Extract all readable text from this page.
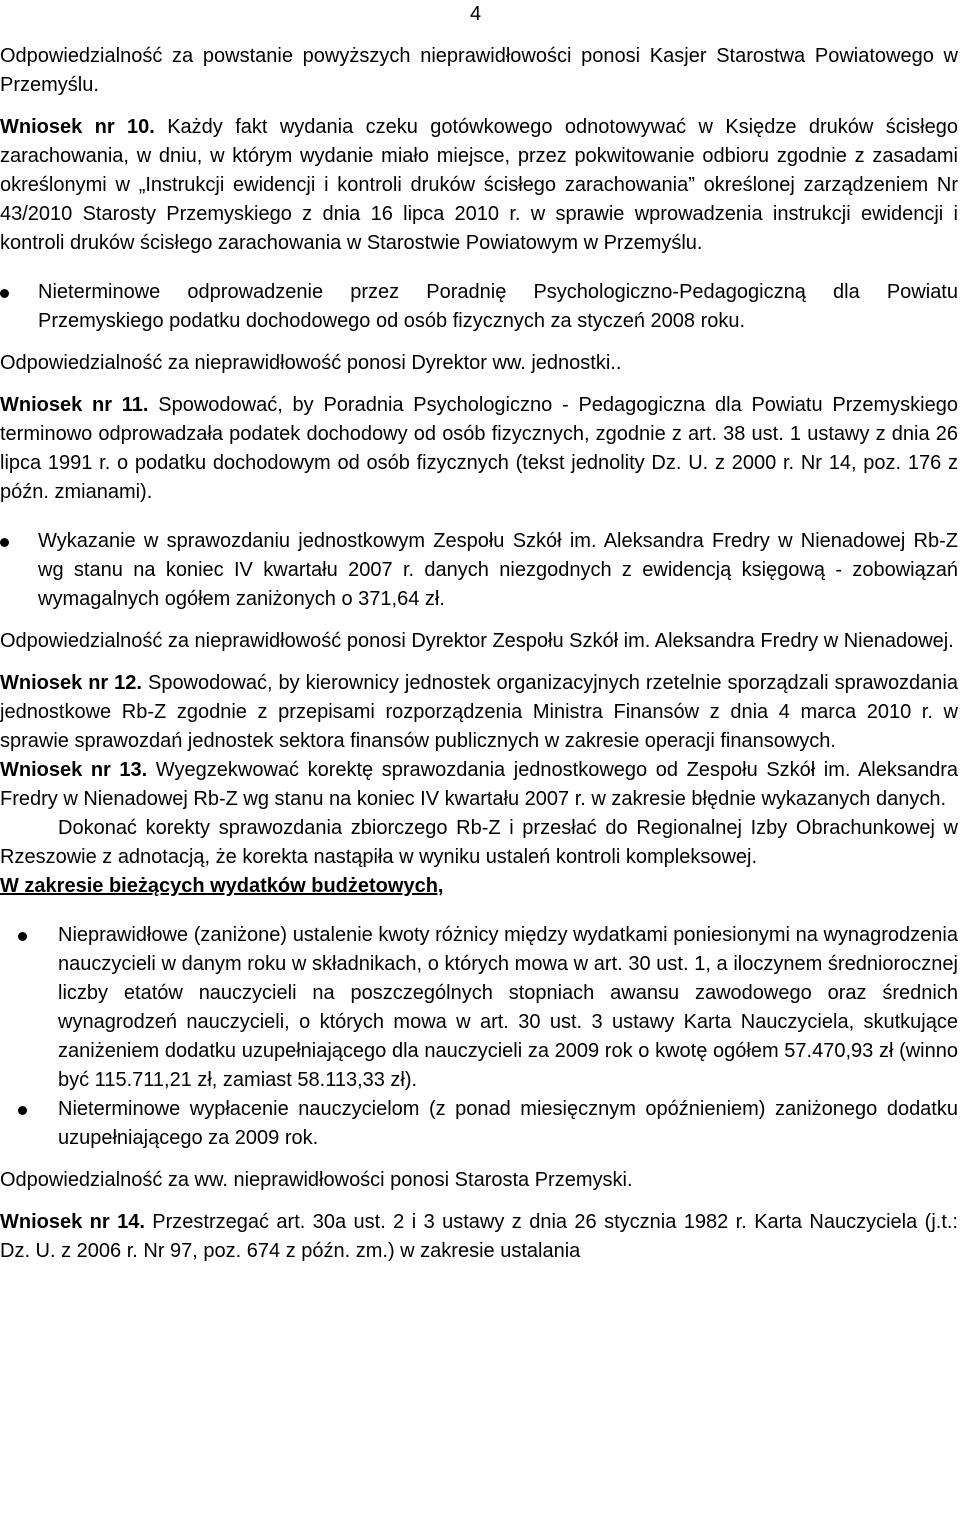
4

Odpowiedzialność za powstanie powyższych nieprawidłowości ponosi Kasjer Starostwa Powiatowego w Przemyślu.

Wniosek nr 10. Każdy fakt wydania czeku gotówkowego odnotowywać w Księdze druków ścisłego zarachowania, w dniu, w którym wydanie miało miejsce, przez pokwitowanie odbioru zgodnie z zasadami określonymi w „Instrukcji ewidencji i kontroli druków ścisłego zarachowania” określonej zarządzeniem Nr 43/2010 Starosty Przemyskiego z dnia 16 lipca 2010 r. w sprawie wprowadzenia instrukcji ewidencji i kontroli druków ścisłego zarachowania w Starostwie Powiatowym w Przemyślu.

Nieterminowe odprowadzenie przez Poradnię Psychologiczno-Pedagogiczną dla Powiatu Przemyskiego podatku dochodowego od osób fizycznych za styczeń 2008 roku.

Odpowiedzialność za nieprawidłowość ponosi Dyrektor ww. jednostki..

Wniosek nr 11. Spowodować, by Poradnia Psychologiczno - Pedagogiczna dla Powiatu Przemyskiego terminowo odprowadzała podatek dochodowy od osób fizycznych, zgodnie z art. 38 ust. 1 ustawy z dnia 26 lipca 1991 r. o podatku dochodowym od osób fizycznych (tekst jednolity Dz. U. z 2000 r. Nr 14, poz. 176 z późn. zmianami).

Wykazanie w sprawozdaniu jednostkowym Zespołu Szkół im. Aleksandra Fredry w Nienadowej Rb-Z wg stanu na koniec IV kwartału 2007 r. danych niezgodnych z ewidencją księgową - zobowiązań wymagalnych ogółem zaniżonych o 371,64 zł.

Odpowiedzialność za nieprawidłowość ponosi Dyrektor Zespołu Szkół im. Aleksandra Fredry w Nienadowej.

Wniosek nr 12. Spowodować, by kierownicy jednostek organizacyjnych rzetelnie sporządzali sprawozdania jednostkowe Rb-Z zgodnie z przepisami rozporządzenia Ministra Finansów z dnia 4 marca 2010 r. w sprawie sprawozdań jednostek sektora finansów publicznych w zakresie operacji finansowych.

Wniosek nr 13. Wyegzekwować korektę sprawozdania jednostkowego od Zespołu Szkół im. Aleksandra Fredry w Nienadowej Rb-Z wg stanu na koniec IV kwartału 2007 r. w zakresie błędnie wykazanych danych.

Dokonać korekty sprawozdania zbiorczego Rb-Z i przesłać do Regionalnej Izby Obrachunkowej w Rzeszowie z adnotacją, że korekta nastąpiła w wyniku ustaleń kontroli kompleksowej.

W zakresie bieżących wydatków budżetowych,

Nieprawidłowe (zaniżone) ustalenie kwoty różnicy między wydatkami poniesionymi na wynagrodzenia nauczycieli w danym roku w składnikach, o których mowa w art. 30 ust. 1, a iloczynem średniorocznej liczby etatów nauczycieli na poszczególnych stopniach awansu zawodowego oraz średnich wynagrodzeń nauczycieli, o których mowa w art. 30 ust. 3 ustawy Karta Nauczyciela, skutkujące zaniżeniem dodatku uzupełniającego dla nauczycieli za 2009 rok o kwotę ogółem 57.470,93 zł (winno być 115.711,21 zł, zamiast 58.113,33 zł).
Nieterminowe wypłacenie nauczycielom (z ponad miesięcznym opóźnieniem) zaniżonego dodatku uzupełniającego za 2009 rok.

Odpowiedzialność za ww. nieprawidłowości ponosi Starosta Przemyski.

Wniosek nr 14. Przestrzegać art. 30a ust. 2 i 3 ustawy z dnia 26 stycznia 1982 r. Karta Nauczyciela (j.t.: Dz. U. z 2006 r. Nr 97, poz. 674 z późn. zm.) w zakresie ustalania
